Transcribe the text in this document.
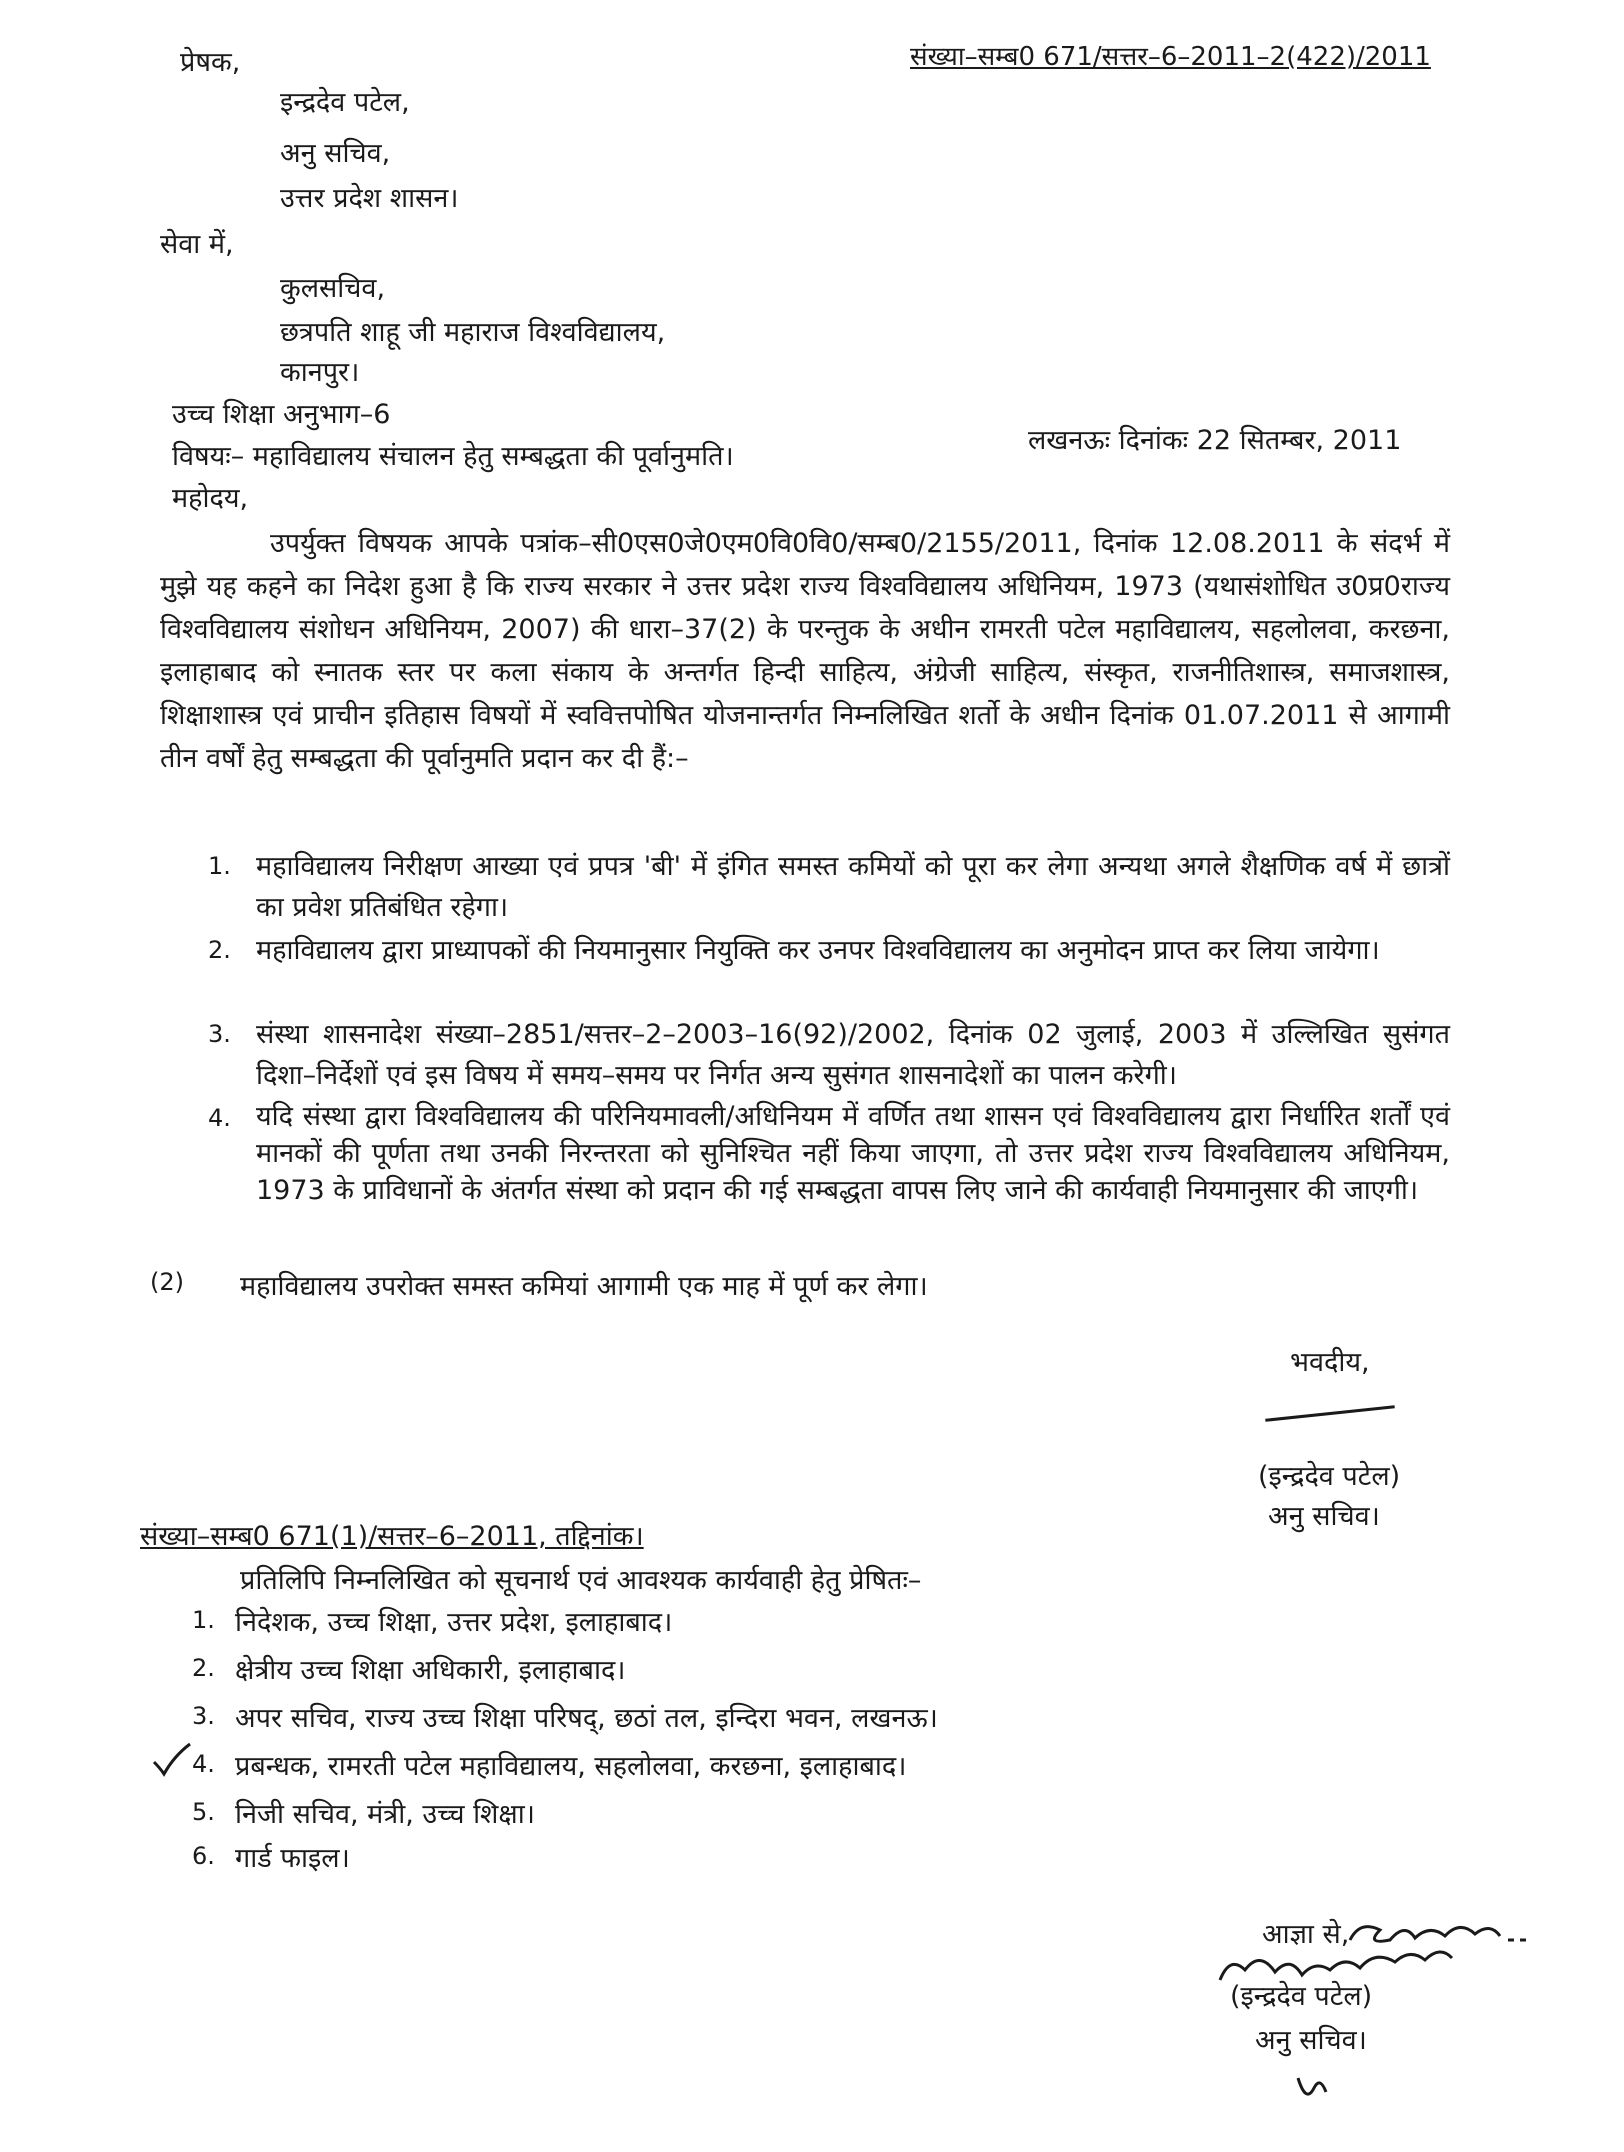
संख्या–सम्ब0 671/सत्तर–6–2011–2(422)/2011
प्रेषक,
इन्द्रदेव पटेल,
अनु सचिव,
उत्तर प्रदेश शासन।
सेवा में,
कुलसचिव,
छत्रपति शाहू जी महाराज विश्वविद्यालय,
कानपुर।
उच्च शिक्षा अनुभाग–6
लखनऊः दिनांकः 22 सितम्बर, 2011
विषयः– महाविद्यालय संचालन हेतु सम्बद्धता की पूर्वानुमति।
महोदय,
उपर्युक्त विषयक आपके पत्रांक–सी0एस0जे0एम0वि0वि0/सम्ब0/2155/2011, दिनांक 12.08.2011 के संदर्भ में मुझे यह कहने का निदेश हुआ है कि राज्य सरकार ने उत्तर प्रदेश राज्य विश्वविद्यालय अधिनियम, 1973 (यथासंशोधित उ0प्र0राज्य विश्वविद्यालय संशोधन अधिनियम, 2007) की धारा–37(2) के परन्तुक के अधीन रामरती पटेल महाविद्यालय, सहलोलवा, करछना, इलाहाबाद को स्नातक स्तर पर कला संकाय के अन्तर्गत हिन्दी साहित्य, अंग्रेजी साहित्य, संस्कृत, राजनीतिशास्त्र, समाजशास्त्र, शिक्षाशास्त्र एवं प्राचीन इतिहास विषयों में स्ववित्तपोषित योजनान्तर्गत निम्नलिखित शर्तो के अधीन दिनांक 01.07.2011 से आगामी तीन वर्षों हेतु सम्बद्धता की पूर्वानुमति प्रदान कर दी हैं:–
1. महाविद्यालय निरीक्षण आख्या एवं प्रपत्र 'बी' में इंगित समस्त कमियों को पूरा कर लेगा अन्यथा अगले शैक्षणिक वर्ष में छात्रों का प्रवेश प्रतिबंधित रहेगा।
2. महाविद्यालय द्वारा प्राध्यापकों की नियमानुसार नियुक्ति कर उनपर विश्वविद्यालय का अनुमोदन प्राप्त कर लिया जायेगा।
3. संस्था शासनादेश संख्या–2851/सत्तर–2–2003–16(92)/2002, दिनांक 02 जुलाई, 2003 में उल्लिखित सुसंगत दिशा–निर्देशों एवं इस विषय में समय–समय पर निर्गत अन्य सुसंगत शासनादेशों का पालन करेगी।
4. यदि संस्था द्वारा विश्वविद्यालय की परिनियमावली/अधिनियम में वर्णित तथा शासन एवं विश्वविद्यालय द्वारा निर्धारित शर्तों एवं मानकों की पूर्णता तथा उनकी निरन्तरता को सुनिश्चित नहीं किया जाएगा, तो उत्तर प्रदेश राज्य विश्वविद्यालय अधिनियम, 1973 के प्राविधानों के अंतर्गत संस्था को प्रदान की गई सम्बद्धता वापस लिए जाने की कार्यवाही नियमानुसार की जाएगी।
(2) महाविद्यालय उपरोक्त समस्त कमियां आगामी एक माह में पूर्ण कर लेगा।
भवदीय,
(इन्द्रदेव पटेल)
अनु सचिव।
संख्या–सम्ब0 671(1)/सत्तर–6–2011, तद्दिनांक।
प्रतिलिपि निम्नलिखित को सूचनार्थ एवं आवश्यक कार्यवाही हेतु प्रेषितः–
1. निदेशक, उच्च शिक्षा, उत्तर प्रदेश, इलाहाबाद।
2. क्षेत्रीय उच्च शिक्षा अधिकारी, इलाहाबाद।
3. अपर सचिव, राज्य उच्च शिक्षा परिषद्, छठां तल, इन्दिरा भवन, लखनऊ।
4. प्रबन्धक, रामरती पटेल महाविद्यालय, सहलोलवा, करछना, इलाहाबाद।
5. निजी सचिव, मंत्री, उच्च शिक्षा।
6. गार्ड फाइल।
आज्ञा से,
(इन्द्रदेव पटेल)
अनु सचिव।
